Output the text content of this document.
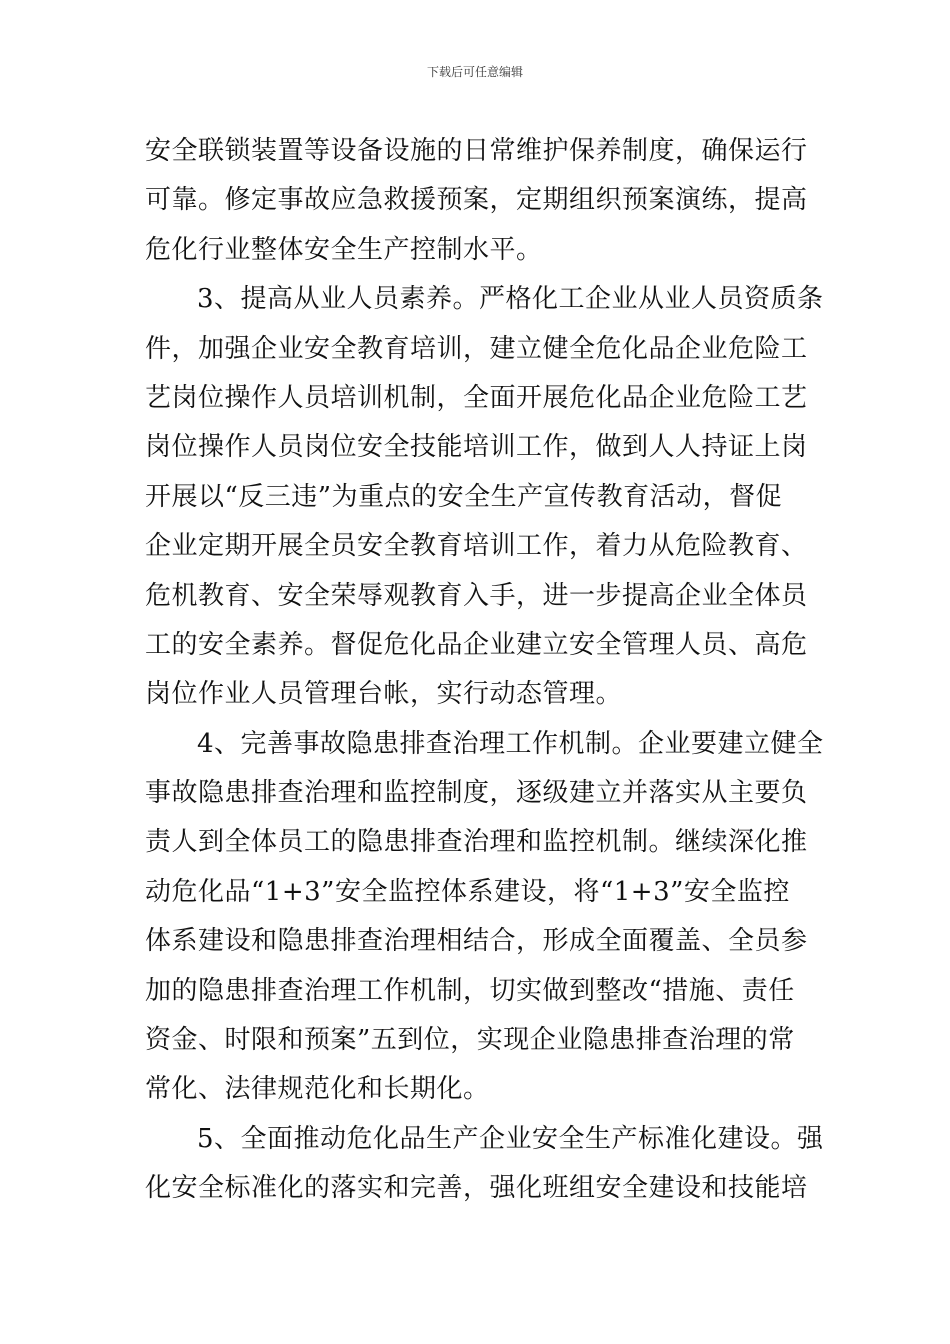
下载后可任意编辑
安全联锁装置等设备设施的日常维护保养制度，确保运行
可靠。修定事故应急救援预案，定期组织预案演练，提高
危化行业整体安全生产控制水平。
3、提高从业人员素养。严格化工企业从业人员资质条
件，加强企业安全教育培训，建立健全危化品企业危险工
艺岗位操作人员培训机制，全面开展危化品企业危险工艺
岗位操作人员岗位安全技能培训工作，做到人人持证上岗
开展以“反三违”为重点的安全生产宣传教育活动，督促
企业定期开展全员安全教育培训工作，着力从危险教育、
危机教育、安全荣辱观教育入手，进一步提高企业全体员
工的安全素养。督促危化品企业建立安全管理人员、高危
岗位作业人员管理台帐，实行动态管理。
4、完善事故隐患排查治理工作机制。企业要建立健全
事故隐患排查治理和监控制度，逐级建立并落实从主要负
责人到全体员工的隐患排查治理和监控机制。继续深化推
动危化品“1+3”安全监控体系建设，将“1+3”安全监控
体系建设和隐患排查治理相结合，形成全面覆盖、全员参
加的隐患排查治理工作机制，切实做到整改“措施、责任
资金、时限和预案”五到位，实现企业隐患排查治理的常
常化、法律规范化和长期化。
5、全面推动危化品生产企业安全生产标准化建设。强
化安全标准化的落实和完善，强化班组安全建设和技能培
